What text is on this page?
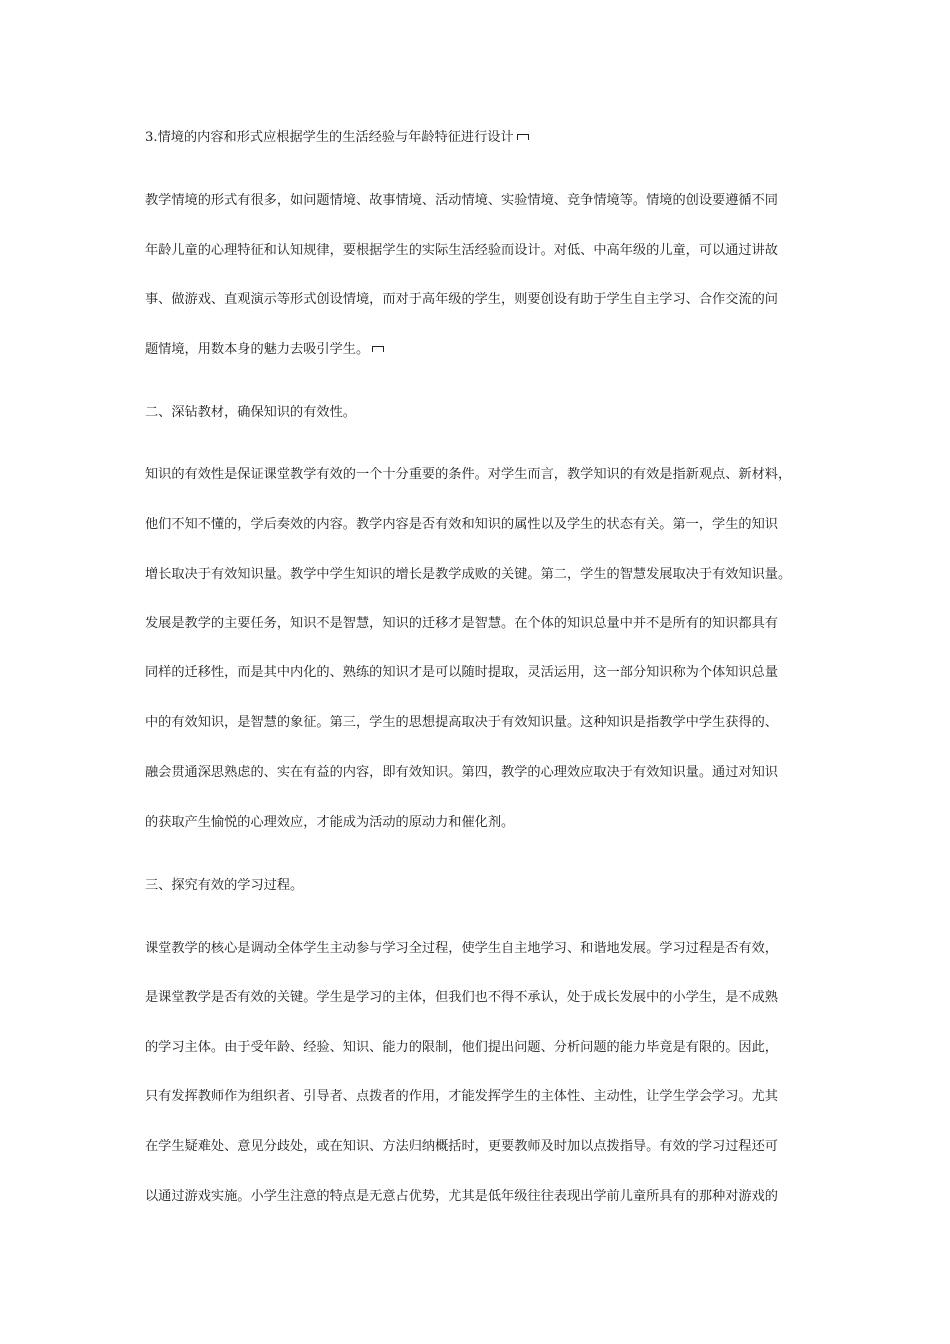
3.情境的内容和形式应根据学生的生活经验与年龄特征进行设计
教学情境的形式有很多，如问题情境、故事情境、活动情境、实验情境、竞争情境等。情境的创设要遵循不同
年龄儿童的心理特征和认知规律，要根据学生的实际生活经验而设计。对低、中高年级的儿童，可以通过讲故
事、做游戏、直观演示等形式创设情境，而对于高年级的学生，则要创设有助于学生自主学习、合作交流的问
题情境，用数本身的魅力去吸引学生。
二、深钻教材，确保知识的有效性。
知识的有效性是保证课堂教学有效的一个十分重要的条件。对学生而言，教学知识的有效是指新观点、新材料，
他们不知不懂的，学后奏效的内容。教学内容是否有效和知识的属性以及学生的状态有关。第一，学生的知识
增长取决于有效知识量。教学中学生知识的增长是教学成败的关键。第二，学生的智慧发展取决于有效知识量。
发展是教学的主要任务，知识不是智慧，知识的迁移才是智慧。在个体的知识总量中并不是所有的知识都具有
同样的迁移性，而是其中内化的、熟练的知识才是可以随时提取，灵活运用，这一部分知识称为个体知识总量
中的有效知识，是智慧的象征。第三，学生的思想提高取决于有效知识量。这种知识是指教学中学生获得的、
融会贯通深思熟虑的、实在有益的内容，即有效知识。第四，教学的心理效应取决于有效知识量。通过对知识
的获取产生愉悦的心理效应，才能成为活动的原动力和催化剂。
三、探究有效的学习过程。
课堂教学的核心是调动全体学生主动参与学习全过程，使学生自主地学习、和谐地发展。学习过程是否有效，
是课堂教学是否有效的关键。学生是学习的主体，但我们也不得不承认，处于成长发展中的小学生，是不成熟
的学习主体。由于受年龄、经验、知识、能力的限制，他们提出问题、分析问题的能力毕竟是有限的。因此，
只有发挥教师作为组织者、引导者、点拨者的作用，才能发挥学生的主体性、主动性，让学生学会学习。尤其
在学生疑难处、意见分歧处，或在知识、方法归纳概括时，更要教师及时加以点拨指导。有效的学习过程还可
以通过游戏实施。小学生注意的特点是无意占优势，尤其是低年级往往表现出学前儿童所具有的那种对游戏的
